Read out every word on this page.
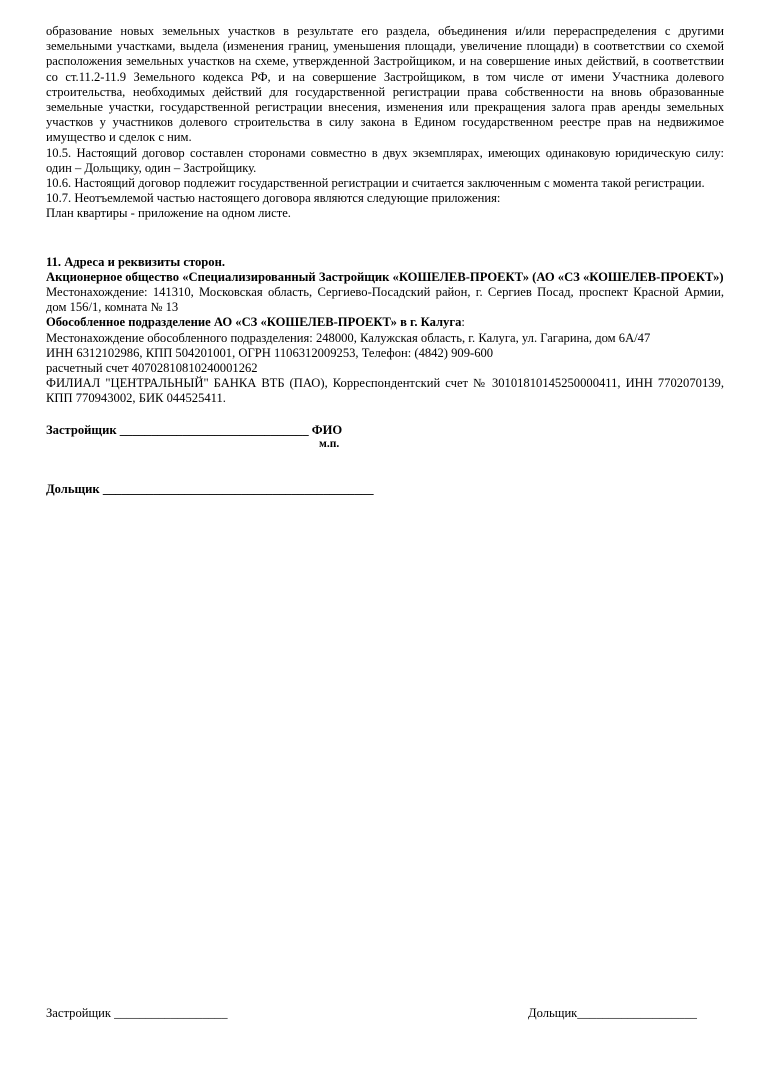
образование новых земельных участков в результате его раздела, объединения и/или перераспределения с другими земельными участками, выдела (изменения границ, уменьшения площади, увеличение площади) в соответствии со схемой расположения земельных участков на схеме, утвержденной Застройщиком, и на совершение иных действий, в соответствии со ст.11.2-11.9 Земельного кодекса РФ, и на совершение Застройщиком, в том числе от имени Участника долевого строительства, необходимых действий для государственной регистрации права собственности на вновь образованные земельные участки, государственной регистрации внесения, изменения или прекращения залога прав аренды земельных участков у участников долевого строительства в силу закона в Едином государственном реестре прав на недвижимое имущество и сделок с ним.

10.5. Настоящий договор составлен сторонами совместно в двух экземплярах, имеющих одинаковую юридическую силу: один – Дольщику, один – Застройщику.

10.6. Настоящий договор подлежит государственной регистрации и считается заключенным с момента такой регистрации.

10.7. Неотъемлемой частью настоящего договора являются следующие приложения:

План квартиры - приложение на одном листе.

11. Адреса и реквизиты сторон.

Акционерное общество «Специализированный Застройщик «КОШЕЛЕВ-ПРОЕКТ» (АО «СЗ «КОШЕЛЕВ-ПРОЕКТ»)

Местонахождение: 141310, Московская область, Сергиево-Посадский район, г. Сергиев Посад, проспект Красной Армии, дом 156/1, комната № 13

Обособленное подразделение АО «СЗ «КОШЕЛЕВ-ПРОЕКТ» в г. Калуга:

Местонахождение обособленного подразделения: 248000, Калужская область, г. Калуга, ул. Гагарина, дом 6А/47

ИНН 6312102986, КПП 504201001, ОГРН 1106312009253, Телефон: (4842) 909-600

расчетный счет 40702810810240001262

ФИЛИАЛ "ЦЕНТРАЛЬНЫЙ" БАНКА ВТБ (ПАО), Корреспондентский счет № 30101810145250000411, ИНН 7702070139, КПП 770943002, БИК 044525411.

Застройщик ______________________________ ФИО
м.п.
Дольщик ___________________________________________
Застройщик __________________	Дольщик___________________
